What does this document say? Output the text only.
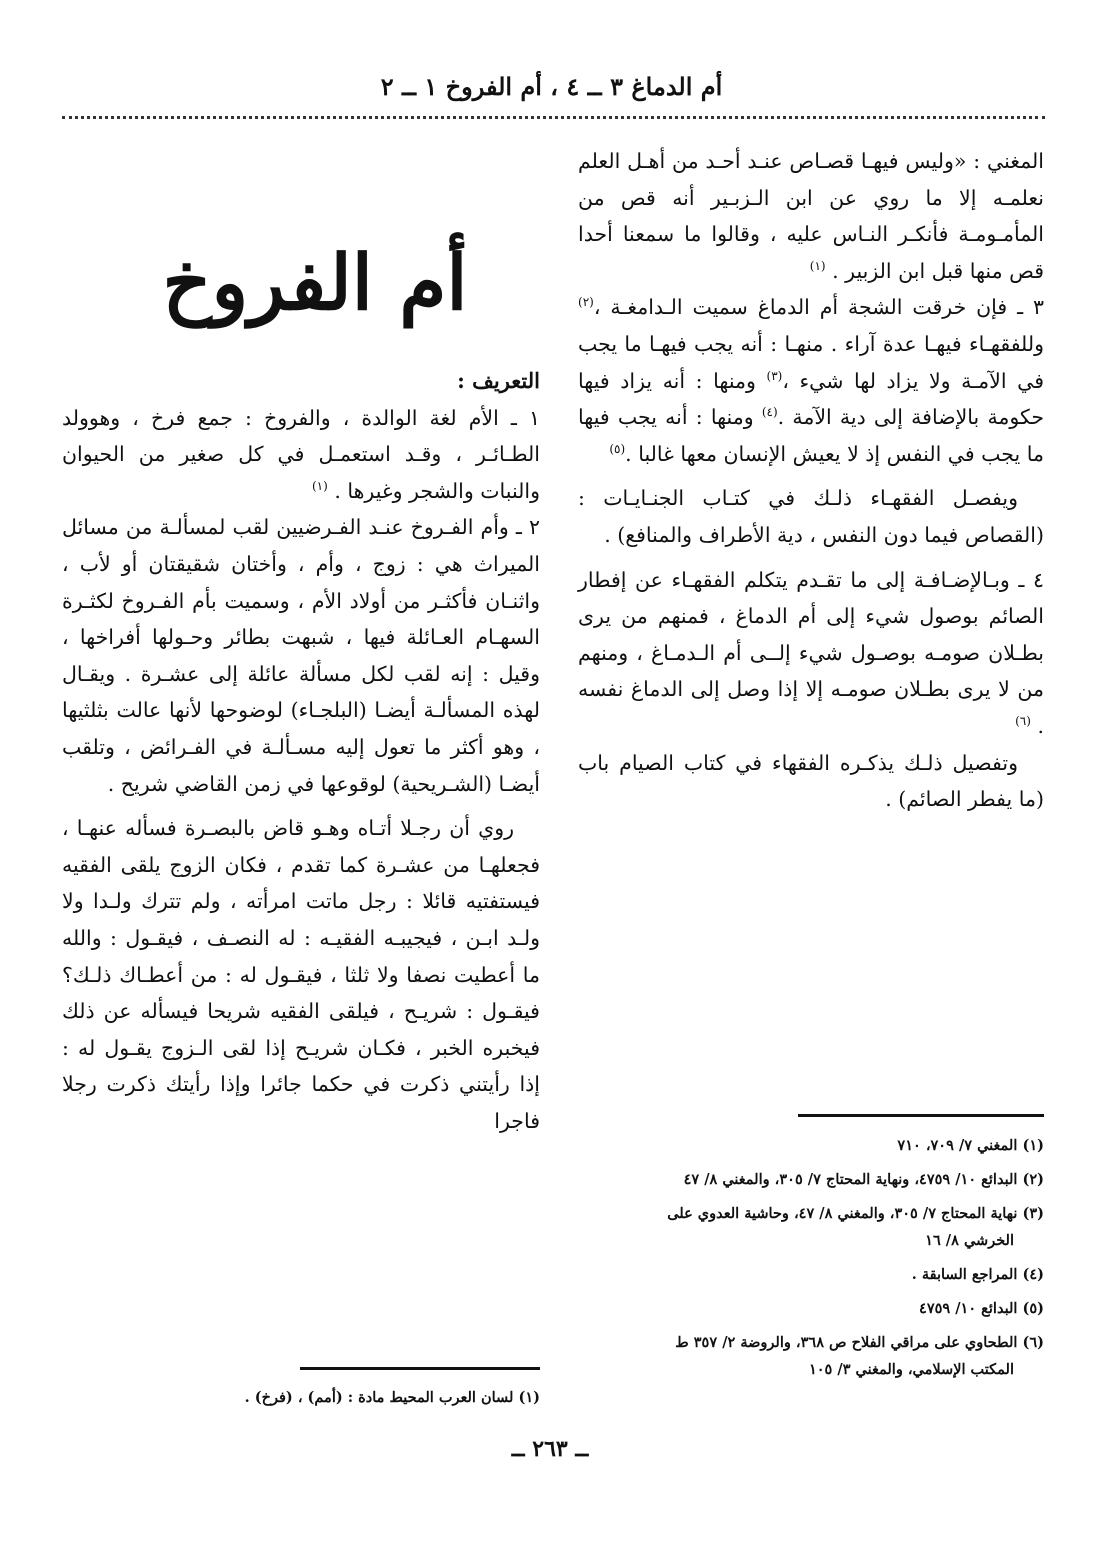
أم الدماغ ٣ ــ ٤ ، أم الفروخ ١ ــ ٢

المغني : «وليس فيهـا قصـاص عنـد أحـد من أهـل العلم نعلمـه إلا ما روي عن ابن الـزبـير أنه قص من المأمـومـة فأنكـر النـاس عليه ، وقالوا ما سمعنا أحدا قص منها قبل ابن الزبير . $^{(١)}$

٣ ـ فإن خرقت الشجة أم الدماغ سميت الـدامغـة ،$^{(٢)}$ وللفقهـاء فيهـا عدة آراء . منهـا : أنه يجب فيهـا ما يجب في الآمـة ولا يزاد لها شيء ،$^{(٣)}$ ومنها : أنه يزاد فيها حكومة بالإضافة إلى دية الآمة .$^{(٤)}$ ومنها : أنه يجب فيها ما يجب في النفس إذ لا يعيش الإنسان معها غالبا .$^{(٥)}$

ويفصـل الفقهـاء ذلـك في كتـاب الجنـايـات : (القصاص فيما دون النفس ، دية الأطراف والمنافع) .

٤ ـ وبـالإضـافـة إلى ما تقـدم يتكلم الفقهـاء عن إفطار الصائم بوصول شيء إلى أم الدماغ ، فمنهم من يرى بطـلان صومـه بوصـول شيء إلــى أم الـدمـاغ ، ومنهم من لا يرى بطـلان صومـه إلا إذا وصل إلى الدماغ نفسه . $^{(٦)}$

وتفصيل ذلـك يذكـره الفقهاء في كتاب الصيام باب (ما يفطر الصائم) .

أم الفروخ

التعريف :

١ ـ الأم لغة الوالدة ، والفروخ : جمع فرخ ، وهوولد الطـائـر ، وقـد استعمـل في كل صغير من الحيوان والنبات والشجر وغيرها . $^{(١)}$

٢ ـ وأم الفـروخ عنـد الفـرضيين لقب لمسألـة من مسائل الميراث هي : زوج ، وأم ، وأختان شقيقتان أو لأب ، واثنـان فأكثـر من أولاد الأم ، وسميت بأم الفـروخ لكثـرة السهـام العـائلة فيها ، شبهت بطائر وحـولها أفراخها ، وقيل : إنه لقب لكل مسألة عائلة إلى عشـرة . ويقـال لهذه المسألـة أيضـا (البلجـاء) لوضوحها لأنها عالت بثلثيها ، وهو أكثر ما تعول إليه مسـألـة في الفـرائض ، وتلقب أيضـا (الشـريحية) لوقوعها في زمن القاضي شريح .

روي أن رجـلا أتـاه وهـو قاض بالبصـرة فسأله عنهـا ، فجعلهـا من عشـرة كما تقدم ، فكان الزوج يلقى الفقيه فيستفتيه قائلا : رجل ماتت امرأته ، ولم تترك ولـدا ولا ولـد ابـن ، فيجيبـه الفقيـه : له النصـف ، فيقـول : والله ما أعطيت نصفا ولا ثلثا ، فيقـول له : من أعطـاك ذلـك؟ فيقـول : شريـح ، فيلقى الفقيه شريحا فيسأله عن ذلك فيخبره الخبر ، فكـان شريـح إذا لقى الـزوج يقـول له : إذا رأيتني ذكرت في حكما جائرا وإذا رأيتك ذكرت رجلا فاجرا

(١) المغني ٧/ ٧٠٩، ٧١٠
(٢) البدائع ١٠/ ٤٧٥٩، ونهاية المحتاج ٧/ ٣٠٥، والمغني ٨/ ٤٧
(٣) نهاية المحتاج ٧/ ٣٠٥، والمغني ٨/ ٤٧، وحاشية العدوي على
الخرشي ٨/ ١٦
(٤) المراجع السابقة .
(٥) البدائع ١٠/ ٤٧٥٩
(٦) الطحاوي على مراقي الفلاح ص ٣٦٨، والروضة ٢/ ٣٥٧ ط
المكتب الإسلامي، والمغني ٣/ ١٠٥
(١) لسان العرب المحيط مادة : (أمم) ، (فرخ) .
ــ ٢٦٣ ــ
